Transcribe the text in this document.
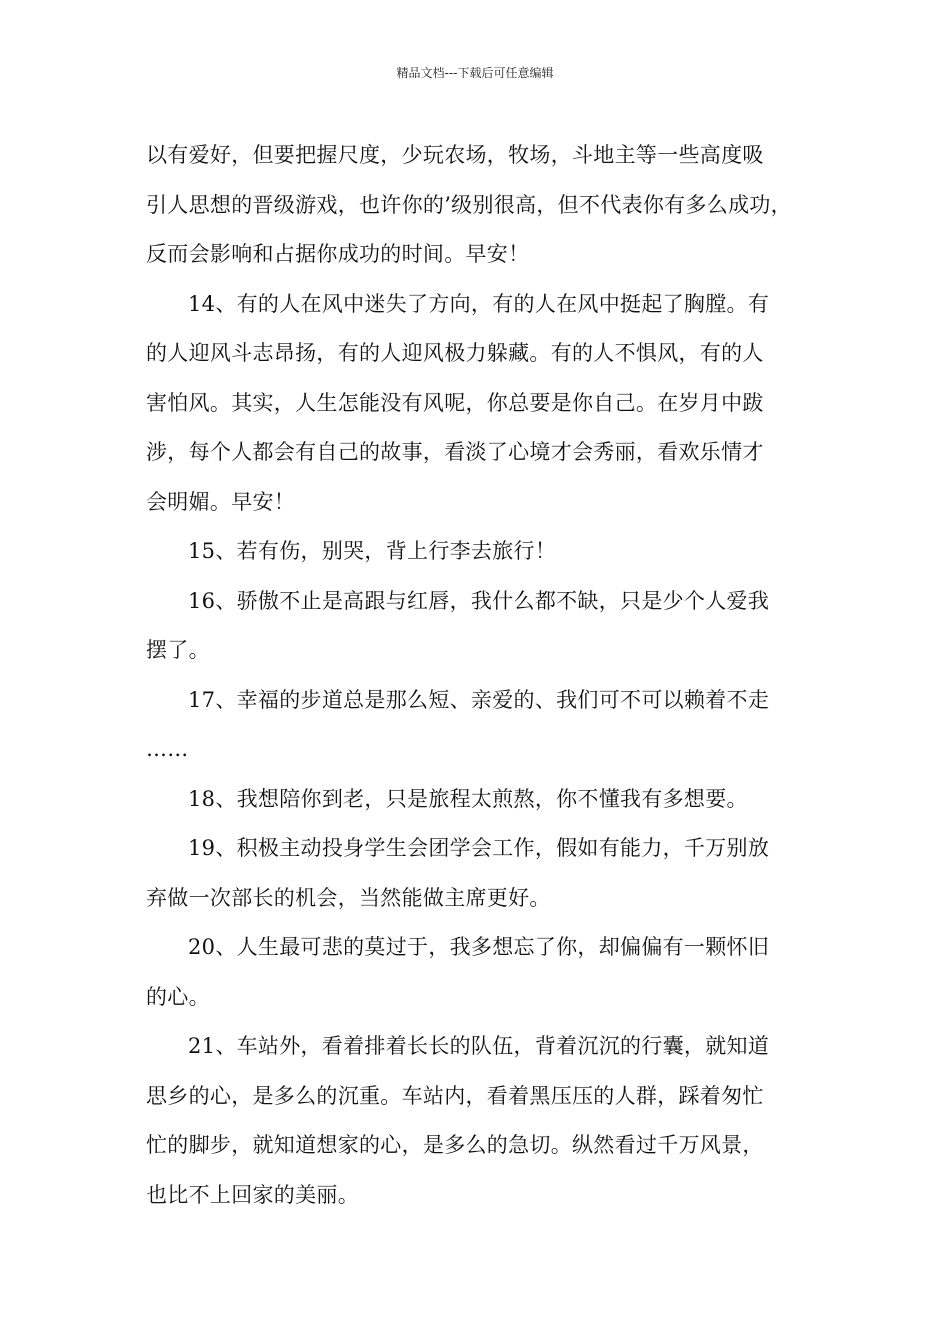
精品文档---下载后可任意编辑
以有爱好，但要把握尺度，少玩农场，牧场，斗地主等一些高度吸
引人思想的晋级游戏，也许你的’级别很高，但不代表你有多么成功，
反而会影响和占据你成功的时间。早安！
14、有的人在风中迷失了方向，有的人在风中挺起了胸膛。有
的人迎风斗志昂扬，有的人迎风极力躲藏。有的人不惧风，有的人
害怕风。其实，人生怎能没有风呢，你总要是你自己。在岁月中跋
涉，每个人都会有自己的故事，看淡了心境才会秀丽，看欢乐情才
会明媚。早安！
15、若有伤，别哭，背上行李去旅行！
16、骄傲不止是高跟与红唇，我什么都不缺，只是少个人爱我
摆了。
17、幸福的步道总是那么短、亲爱的、我们可不可以赖着不走
……
18、我想陪你到老，只是旅程太煎熬，你不懂我有多想要。
19、积极主动投身学生会团学会工作，假如有能力，千万别放
弃做一次部长的机会，当然能做主席更好。
20、人生最可悲的莫过于，我多想忘了你，却偏偏有一颗怀旧
的心。
21、车站外，看着排着长长的队伍，背着沉沉的行囊，就知道
思乡的心，是多么的沉重。车站内，看着黑压压的人群，踩着匆忙
忙的脚步，就知道想家的心，是多么的急切。纵然看过千万风景，
也比不上回家的美丽。
